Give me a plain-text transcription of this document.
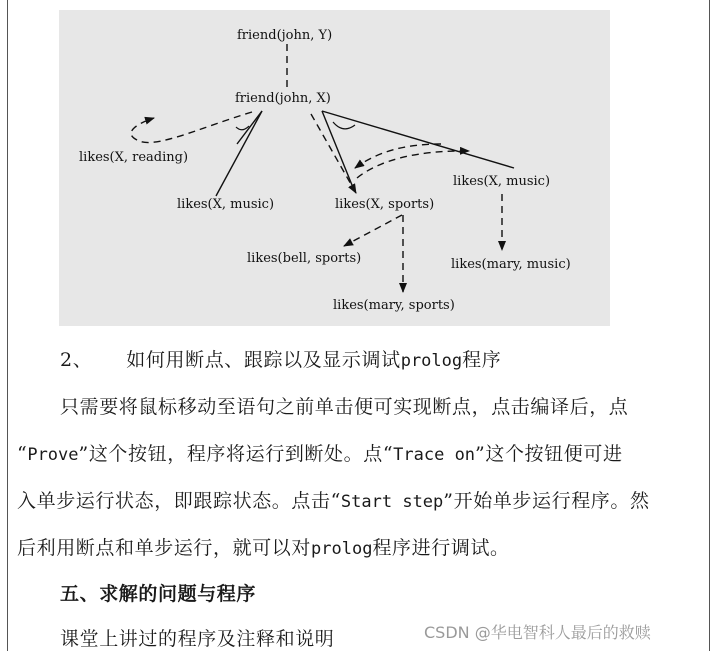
friend(john, Y)
friend(john, X)
likes(X, reading)
likes(X, music)	likes(X, sports)
likes(X, music)
likes(bell, sports)	likes(mary, music)
likes(mary, sports)
2、 如何用断点、跟踪以及显示调试prolog程序
只需要将鼠标移动至语句之前单击便可实现断点，点击编译后，点
“Prove”这个按钮，程序将运行到断处。点“Trace on”这个按钮便可进
入单步运行状态，即跟踪状态。点击“Start step”开始单步运行程序。然
后利用断点和单步运行，就可以对prolog程序进行调试。
五、求解的问题与程序
课堂上讲过的程序及注释和说明	CSDN @华电智科人最后的救赎
